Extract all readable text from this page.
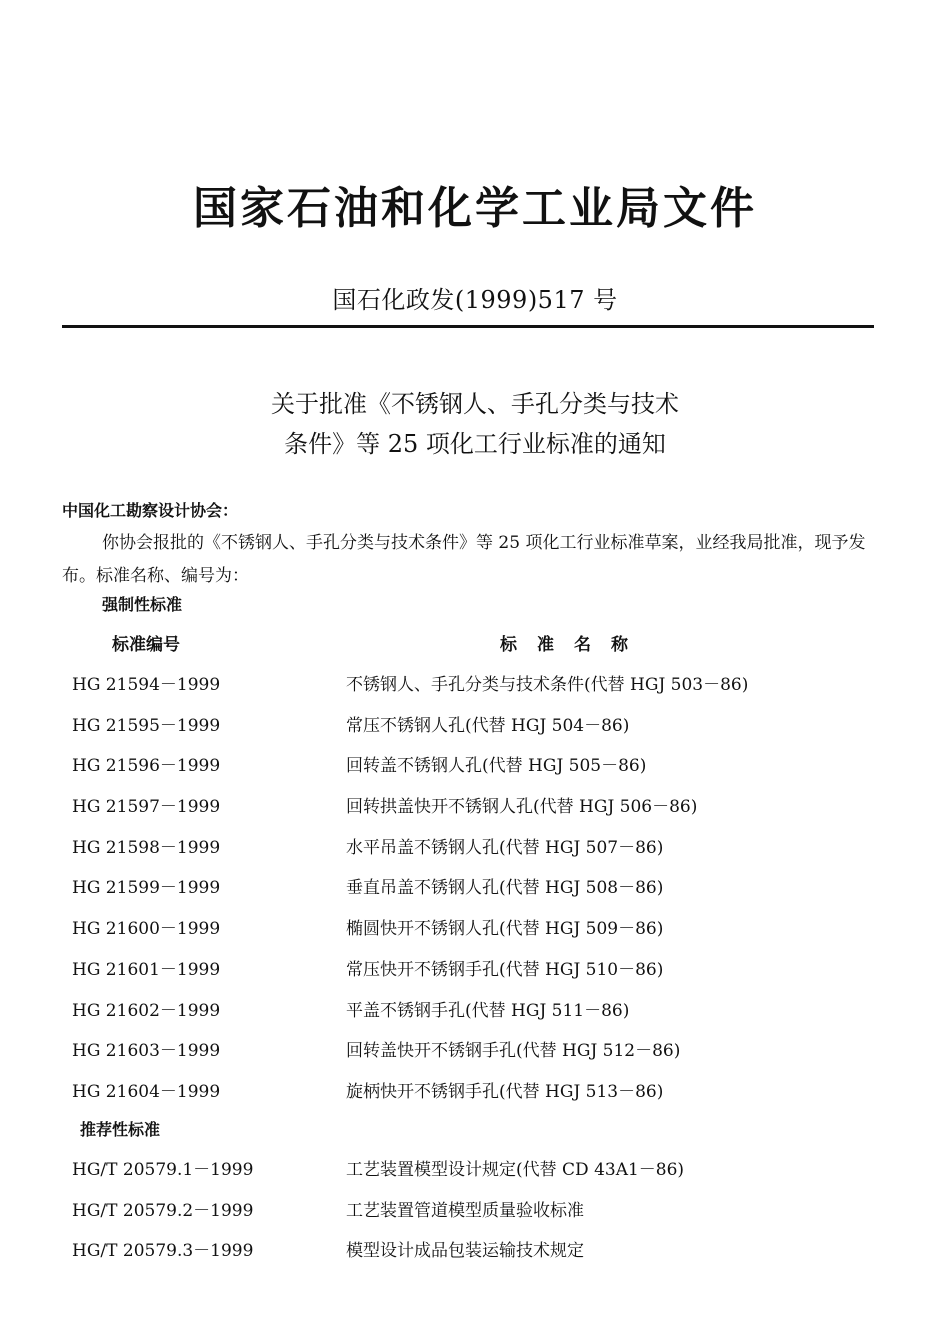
国家石油和化学工业局文件
国石化政发(1999)517 号
关于批准《不锈钢人、手孔分类与技术
条件》等 25 项化工行业标准的通知
中国化工勘察设计协会：
你协会报批的《不锈钢人、手孔分类与技术条件》等 25 项化工行业标准草案，业经我局批准，现予发布。标准名称、编号为：
强制性标准
标准编号	标准名称
HG 21594－1999	不锈钢人、手孔分类与技术条件(代替 HGJ 503－86)
HG 21595－1999	常压不锈钢人孔(代替 HGJ 504－86)
HG 21596－1999	回转盖不锈钢人孔(代替 HGJ 505－86)
HG 21597－1999	回转拱盖快开不锈钢人孔(代替 HGJ 506－86)
HG 21598－1999	水平吊盖不锈钢人孔(代替 HGJ 507－86)
HG 21599－1999	垂直吊盖不锈钢人孔(代替 HGJ 508－86)
HG 21600－1999	椭圆快开不锈钢人孔(代替 HGJ 509－86)
HG 21601－1999	常压快开不锈钢手孔(代替 HGJ 510－86)
HG 21602－1999	平盖不锈钢手孔(代替 HGJ 511－86)
HG 21603－1999	回转盖快开不锈钢手孔(代替 HGJ 512－86)
HG 21604－1999	旋柄快开不锈钢手孔(代替 HGJ 513－86)
推荐性标准
HG/T 20579.1－1999	工艺装置模型设计规定(代替 CD 43A1－86)
HG/T 20579.2－1999	工艺装置管道模型质量验收标准
HG/T 20579.3－1999	模型设计成品包装运输技术规定
